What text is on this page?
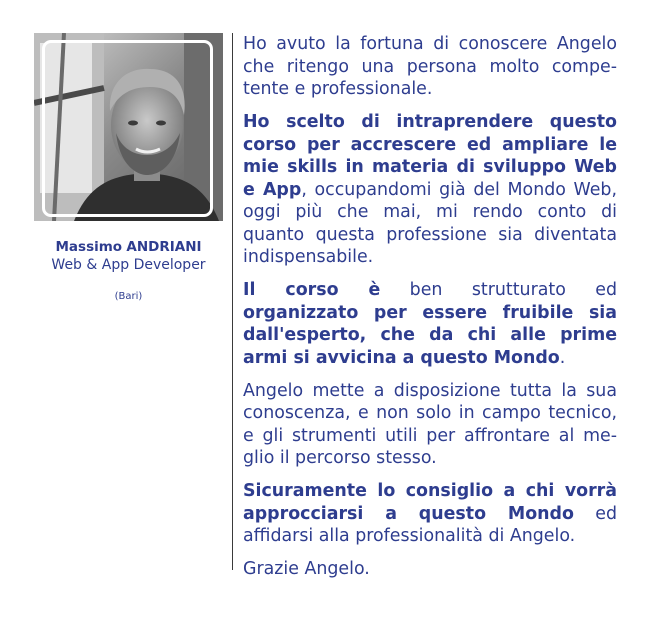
Massimo ANDRIANI
Web & App Developer
(Bari)

Ho avuto la fortuna di conoscere Angelo che ritengo una persona molto competente e professionale.

Ho scelto di intraprendere questo corso per accrescere ed ampliare le mie skills in materia di sviluppo Web e App, occupandomi già del Mondo Web, oggi più che mai, mi rendo conto di quanto questa professione sia diventata indispensabile.

Il corso è ben strutturato ed organizzato per essere fruibile sia dall'esperto, che da chi alle prime armi si avvicina a questo Mondo.

Angelo mette a disposizione tutta la sua conoscenza, e non solo in campo tecnico, e gli strumenti utili per affrontare al meglio il percorso stesso.

Sicuramente lo consiglio a chi vorrà approcciarsi a questo Mondo ed affidarsi alla professionalità di Angelo.

Grazie Angelo.
